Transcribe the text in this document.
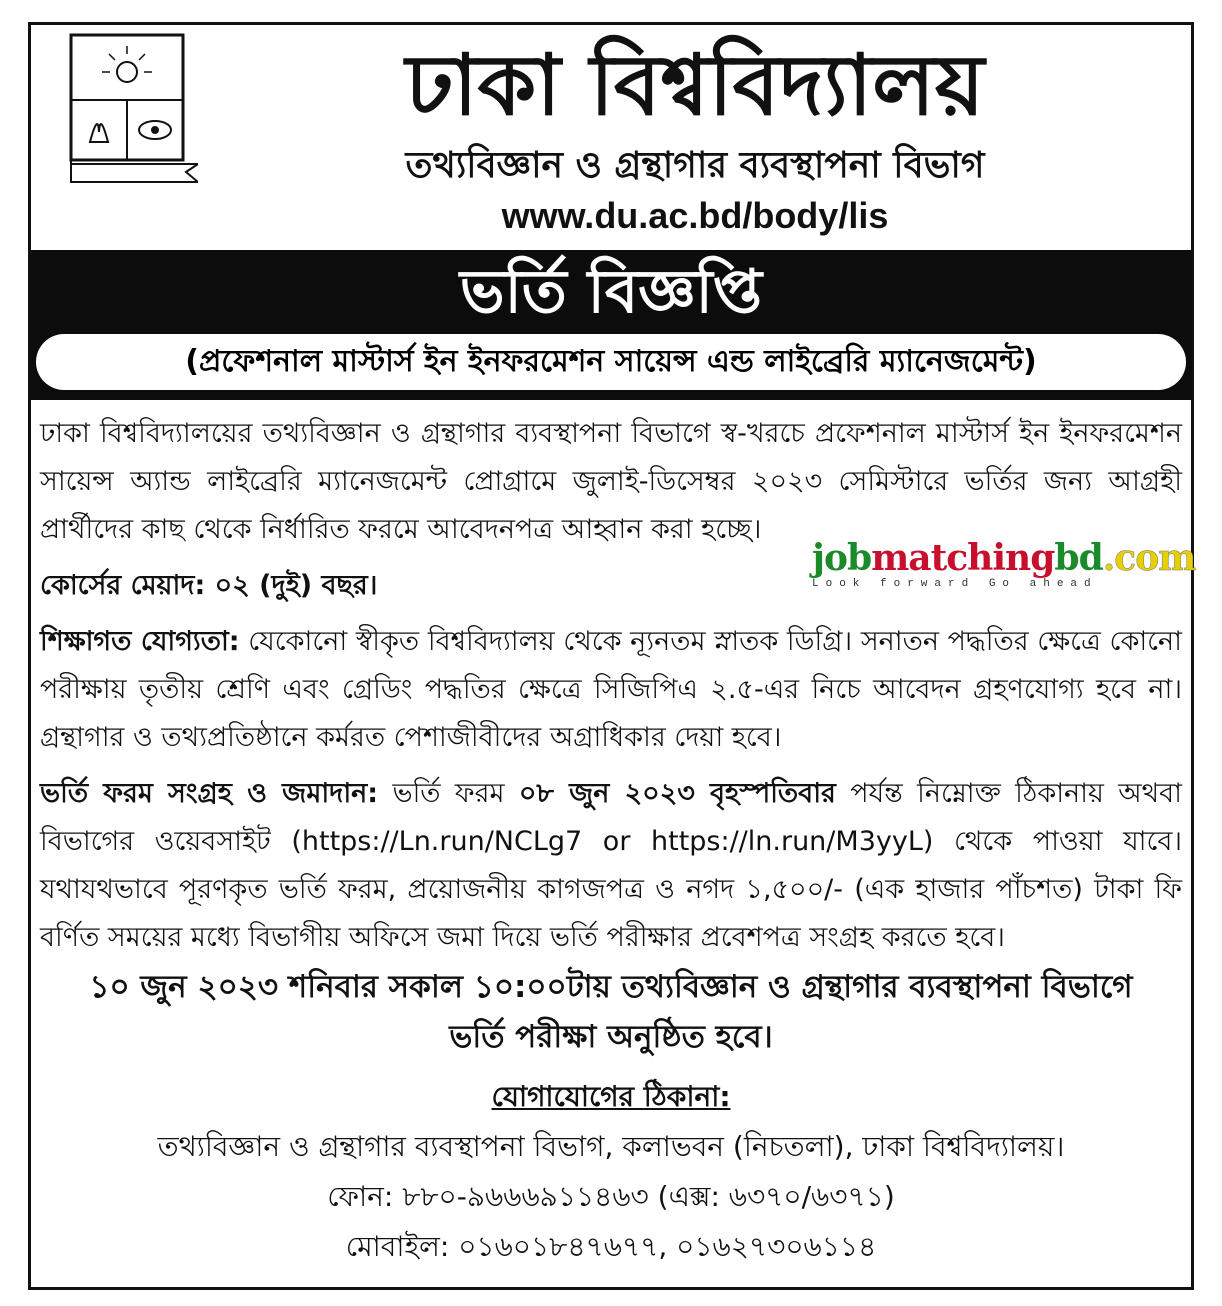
ঢাকা বিশ্ববিদ্যালয়
তথ্যবিজ্ঞান ও গ্রন্থাগার ব্যবস্থাপনা বিভাগ
www.du.ac.bd/body/lis
ভর্তি বিজ্ঞপ্তি
(প্রফেশনাল মাস্টার্স ইন ইনফরমেশন সায়েন্স এন্ড লাইব্রেরি ম্যানেজমেন্ট)

ঢাকা বিশ্ববিদ্যালয়ের তথ্যবিজ্ঞান ও গ্রন্থাগার ব্যবস্থাপনা বিভাগে স্ব-খরচে প্রফেশনাল মাস্টার্স ইন ইনফরমেশন সায়েন্স অ্যান্ড লাইব্রেরি ম্যানেজমেন্ট প্রোগ্রামে জুলাই-ডিসেম্বর ২০২৩ সেমিস্টারে ভর্তির জন্য আগ্রহী প্রার্থীদের কাছ থেকে নির্ধারিত ফরমে আবেদনপত্র আহ্বান করা হচ্ছে।

কোর্সের মেয়াদ: ০২ (দুই) বছর।

শিক্ষাগত যোগ্যতা: যেকোনো স্বীকৃত বিশ্ববিদ্যালয় থেকে ন্যূনতম স্নাতক ডিগ্রি। সনাতন পদ্ধতির ক্ষেত্রে কোনো পরীক্ষায় তৃতীয় শ্রেণি এবং গ্রেডিং পদ্ধতির ক্ষেত্রে সিজিপিএ ২.৫-এর নিচে আবেদন গ্রহণযোগ্য হবে না। গ্রন্থাগার ও তথ্যপ্রতিষ্ঠানে কর্মরত পেশাজীবীদের অগ্রাধিকার দেয়া হবে।

ভর্তি ফরম সংগ্রহ ও জমাদান: ভর্তি ফরম ০৮ জুন ২০২৩ বৃহস্পতিবার পর্যন্ত নিম্নোক্ত ঠিকানায় অথবা বিভাগের ওয়েবসাইট (https://Ln.run/NCLg7 or https://ln.run/M3yyL) থেকে পাওয়া যাবে। যথাযথভাবে পূরণকৃত ভর্তি ফরম, প্রয়োজনীয় কাগজপত্র ও নগদ ১,৫০০/- (এক হাজার পাঁচশত) টাকা ফি বর্ণিত সময়ের মধ্যে বিভাগীয় অফিসে জমা দিয়ে ভর্তি পরীক্ষার প্রবেশপত্র সংগ্রহ করতে হবে।

১০ জুন ২০২৩ শনিবার সকাল ১০:০০টায় তথ্যবিজ্ঞান ও গ্রন্থাগার ব্যবস্থাপনা বিভাগে
ভর্তি পরীক্ষা অনুষ্ঠিত হবে।
যোগাযোগের ঠিকানা:
তথ্যবিজ্ঞান ও গ্রন্থাগার ব্যবস্থাপনা বিভাগ, কলাভবন (নিচতলা), ঢাকা বিশ্ববিদ্যালয়।
ফোন: ৮৮০-৯৬৬৬৯১১৪৬৩ (এক্স: ৬৩৭০/৬৩৭১)
মোবাইল: ০১৬০১৮৪৭৬৭৭, ০১৬২৭৩০৬১১৪
jobmatchingbd.com
Look forward Go ahead
